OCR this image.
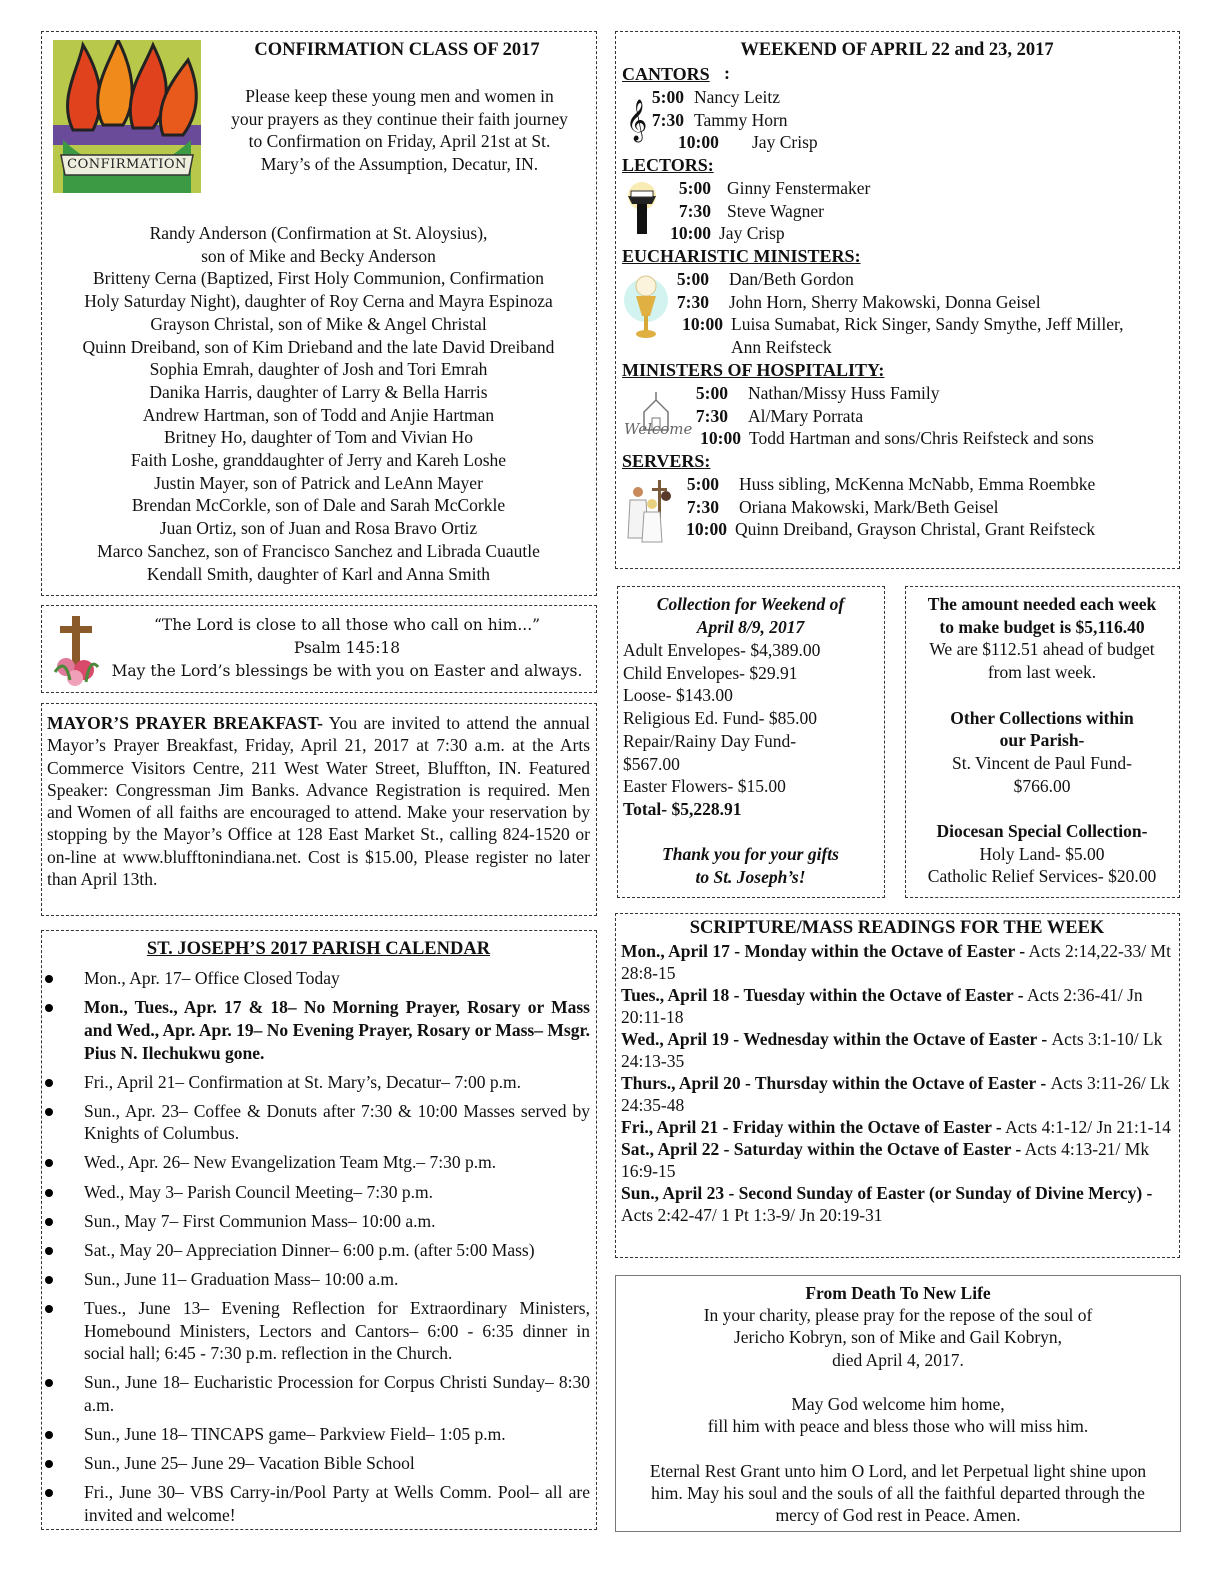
CONFIRMATION
CONFIRMATION CLASS OF 2017
Please keep these young men and women in
your prayers as they continue their faith journey
to Confirmation on Friday, April 21st at St.
Mary’s of the Assumption, Decatur, IN.
Randy Anderson (Confirmation at St. Aloysius),
son of Mike and Becky Anderson
Britteny Cerna (Baptized, First Holy Communion, Confirmation
Holy Saturday Night), daughter of Roy Cerna and Mayra Espinoza
Grayson Christal, son of Mike & Angel Christal
Quinn Dreiband, son of Kim Drieband and the late David Dreiband
Sophia Emrah, daughter of Josh and Tori Emrah
Danika Harris, daughter of Larry & Bella Harris
Andrew Hartman, son of Todd and Anjie Hartman
Britney Ho, daughter of Tom and Vivian Ho
Faith Loshe, granddaughter of Jerry and Kareh Loshe
Justin Mayer, son of Patrick and LeAnn Mayer
Brendan McCorkle, son of Dale and Sarah McCorkle
Juan Ortiz, son of Juan and Rosa Bravo Ortiz
Marco Sanchez, son of Francisco Sanchez and Librada Cuautle
Kendall Smith, daughter of Karl and Anna Smith
“The Lord is close to all those who call on him...”
Psalm 145:18
May the Lord’s blessings be with you on Easter and always.
MAYOR’S PRAYER BREAKFAST- You are invited to attend the annual Mayor’s Prayer Breakfast, Friday, April 21, 2017 at 7:30 a.m. at the Arts Commerce Visitors Centre, 211 West Water Street, Bluffton, IN. Featured Speaker: Congressman Jim Banks. Advance Registration is required. Men and Women of all faiths are encouraged to attend. Make your reservation by stopping by the Mayor’s Office at 128 East Market St., calling 824-1520 or on-line at www.blufftonindiana.net. Cost is $15.00, Please register no later than April 13th.
ST. JOSEPH’S 2017 PARISH CALENDAR
Mon., Apr. 17– Office Closed Today
Mon., Tues., Apr. 17 & 18– No Morning Prayer, Rosary or Mass and Wed., Apr. Apr. 19– No Evening Prayer, Rosary or Mass– Msgr. Pius N. Ilechukwu gone.
Fri., April 21– Confirmation at St. Mary’s, Decatur– 7:00 p.m.
Sun., Apr. 23– Coffee & Donuts after 7:30 & 10:00 Masses served by Knights of Columbus.
Wed., Apr. 26– New Evangelization Team Mtg.– 7:30 p.m.
Wed., May 3– Parish Council Meeting– 7:30 p.m.
Sun., May 7– First Communion Mass– 10:00 a.m.
Sat., May 20– Appreciation Dinner– 6:00 p.m. (after 5:00 Mass)
Sun., June 11– Graduation Mass– 10:00 a.m.
Tues., June 13– Evening Reflection for Extraordinary Ministers, Homebound Ministers, Lectors and Cantors– 6:00 - 6:35 dinner in social hall; 6:45 - 7:30 p.m. reflection in the Church.
Sun., June 18– Eucharistic Procession for Corpus Christi Sunday– 8:30 a.m.
Sun., June 18– TINCAPS game– Parkview Field– 1:05 p.m.
Sun., June 25– June 29– Vacation Bible School
Fri., June 30– VBS Carry-in/Pool Party at Wells Comm. Pool– all are invited and welcome!
WEEKEND OF APRIL 22 and 23, 2017
CANTORS :
𝄞
5:00 Nancy Leitz
7:30 Tammy Horn
10:00	Jay Crisp
LECTORS:
5:00 Ginny Fenstermaker
7:30 Steve Wagner
10:00 Jay Crisp
EUCHARISTIC MINISTERS:
5:00 Dan/Beth Gordon
7:30 John Horn, Sherry Makowski, Donna Geisel
10:00 Luisa Sumabat, Rick Singer, Sandy Smythe, Jeff Miller, Ann Reifsteck
MINISTERS OF HOSPITALITY:
Welcome
5:00 Nathan/Missy Huss Family
7:30 Al/Mary Porrata
10:00 Todd Hartman and sons/Chris Reifsteck and sons
SERVERS:
5:00 Huss sibling, McKenna McNabb, Emma Roembke
7:30 Oriana Makowski, Mark/Beth Geisel
10:00 Quinn Dreiband, Grayson Christal, Grant Reifsteck
Collection for Weekend of
April 8/9, 2017
Adult Envelopes- $4,389.00
Child Envelopes- $29.91
Loose- $143.00
Religious Ed. Fund- $85.00
Repair/Rainy Day Fund-
$567.00
Easter Flowers- $15.00
Total- $5,228.91
Thank you for your gifts
to St. Joseph’s!
The amount needed each week
to make budget is $5,116.40
We are $112.51 ahead of budget
from last week.

Other Collections within
our Parish-
St. Vincent de Paul Fund-
$766.00

Diocesan Special Collection-
Holy Land- $5.00
Catholic Relief Services- $20.00
SCRIPTURE/MASS READINGS FOR THE WEEK
Mon., April 17 - Monday within the Octave of Easter - Acts 2:14,22-33/ Mt 28:8-15
Tues., April 18 - Tuesday within the Octave of Easter - Acts 2:36-41/ Jn 20:11-18
Wed., April 19 - Wednesday within the Octave of Easter - Acts 3:1-10/ Lk 24:13-35
Thurs., April 20 - Thursday within the Octave of Easter - Acts 3:11-26/ Lk 24:35-48
Fri., April 21 - Friday within the Octave of Easter - Acts 4:1-12/ Jn 21:1-14
Sat., April 22 - Saturday within the Octave of Easter - Acts 4:13-21/ Mk 16:9-15
Sun., April 23 - Second Sunday of Easter (or Sunday of Divine Mercy) - Acts 2:42-47/ 1 Pt 1:3-9/ Jn 20:19-31
From Death To New Life
In your charity, please pray for the repose of the soul of
Jericho Kobryn, son of Mike and Gail Kobryn,
died April 4, 2017.

May God welcome him home,
fill him with peace and bless those who will miss him.

Eternal Rest Grant unto him O Lord, and let Perpetual light shine upon
him. May his soul and the souls of all the faithful departed through the
mercy of God rest in Peace. Amen.
